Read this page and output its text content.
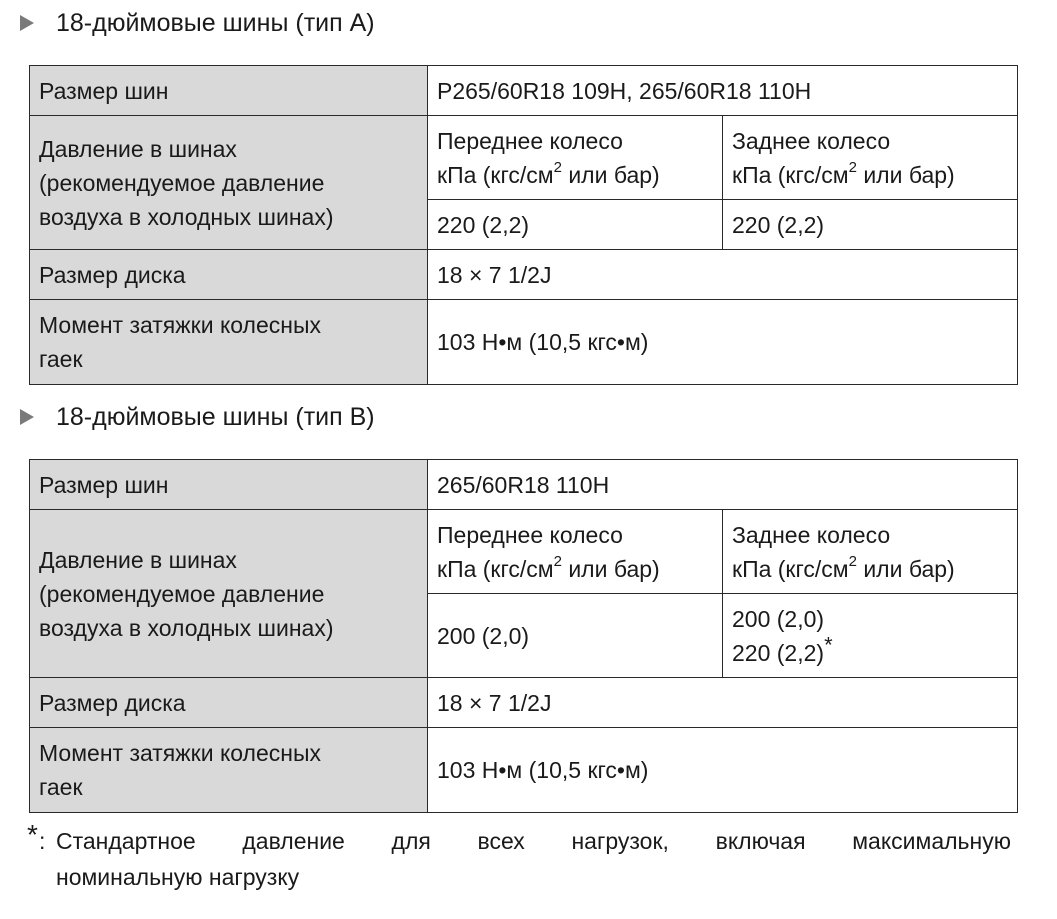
18-дюймовые шины (тип A)
Размер шин	P265/60R18 109H, 265/60R18 110H	

Давление в шинах
(рекомендуемое давление
воздуха в холодных шинах)	Переднее колесо
кПа ($кгс/см^2$ или бар)	Заднее колесо
кПа ($кгс/см^2$ или бар)

	220 (2,2)	220 (2,2)
Размер диска	18 × 7 1/2J	

Момент затяжки колесных
гаек	103 Н•м (10,5 кгс•м)	
18-дюймовые шины (тип B)
Размер шин	265/60R18 110H	

Давление в шинах
(рекомендуемое давление
воздуха в холодных шинах)	Переднее колесо
кПа ($кгс/см^2$ или бар)	Заднее колесо
кПа ($кгс/см^2$ или бар)

	200 (2,0)	200 (2,0)
220 (2,2)*

Размер диска	18 × 7 1/2J	

Момент затяжки колесных
гаек	103 Н•м (10,5 кгс•м)	
* : Стандартное давление для всех нагрузок, включая максимальную
номинальную нагрузку
